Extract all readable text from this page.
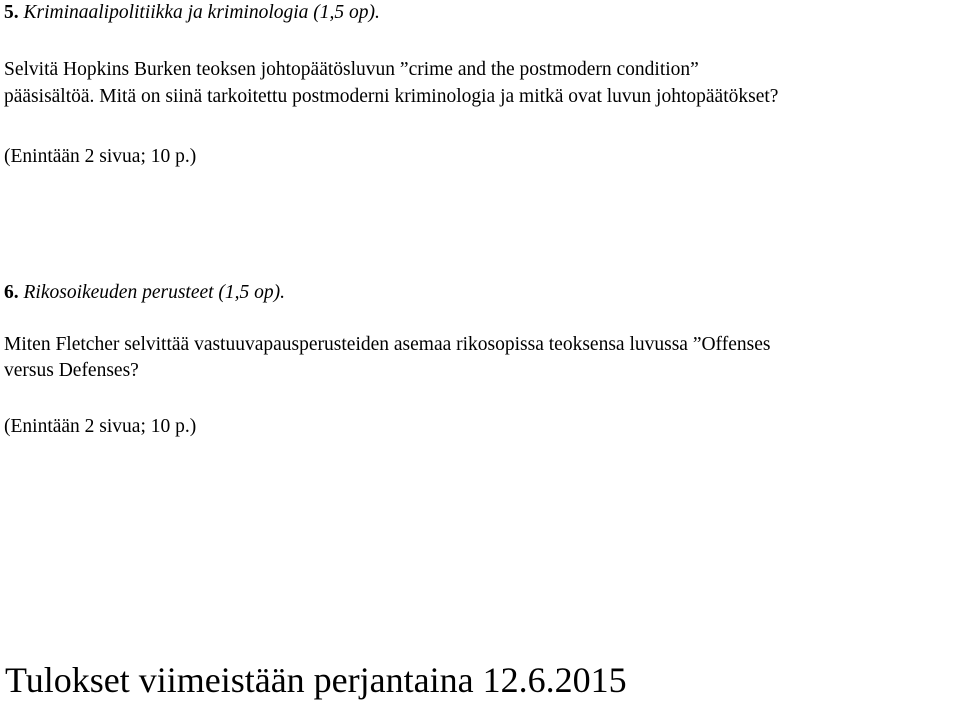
5. Kriminaalipolitiikka ja kriminologia (1,5 op).
Selvitä Hopkins Burken teoksen johtopäätösluvun ”crime and the postmodern condition”
pääsisältöä. Mitä on siinä tarkoitettu postmoderni kriminologia ja mitkä ovat luvun johtopäätökset?
(Enintään 2 sivua; 10 p.)
6. Rikosoikeuden perusteet (1,5 op).
Miten Fletcher selvittää vastuuvapausperusteiden asemaa rikosopissa teoksensa luvussa ”Offenses
versus Defenses?
(Enintään 2 sivua; 10 p.)
Tulokset viimeistään perjantaina 12.6.2015
